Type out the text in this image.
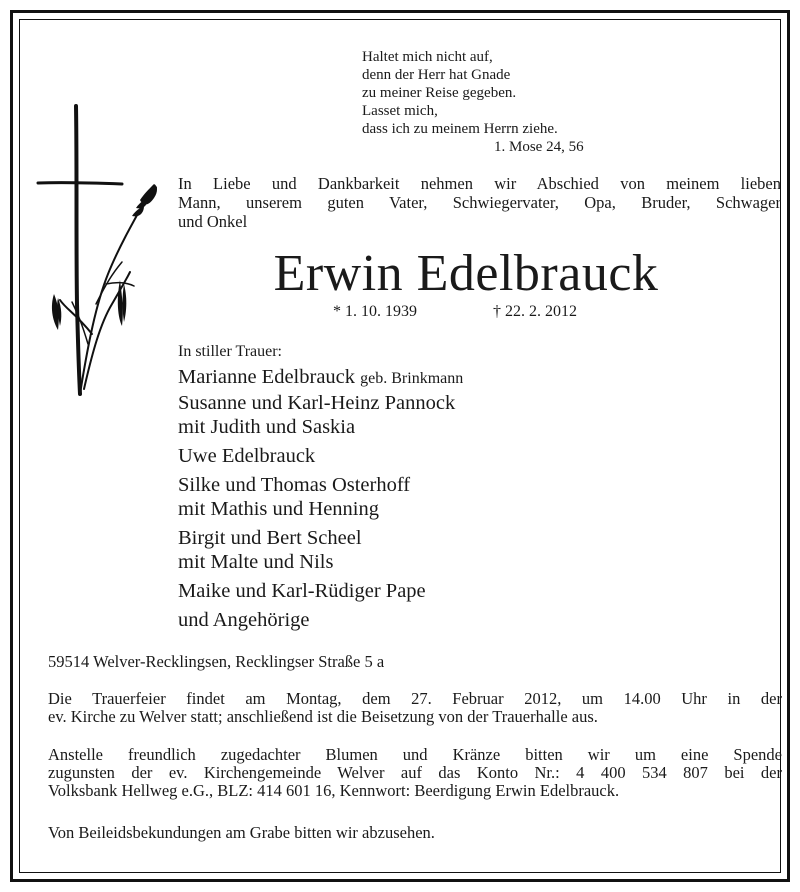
Haltet mich nicht auf,
denn der Herr hat Gnade
zu meiner Reise gegeben.
Lasset mich,
dass ich zu meinem Herrn ziehe.
1. Mose 24, 56
In Liebe und Dankbarkeit nehmen wir Abschied von meinem lieben
Mann, unserem guten Vater, Schwiegervater, Opa, Bruder, Schwager
und Onkel
Erwin Edelbrauck
* 1. 10. 1939	† 22. 2. 2012
In stiller Trauer:
Marianne Edelbrauck geb. Brinkmann
Susanne und Karl-Heinz Pannock
mit Judith und Saskia
Uwe Edelbrauck
Silke und Thomas Osterhoff
mit Mathis und Henning
Birgit und Bert Scheel
mit Malte und Nils
Maike und Karl-Rüdiger Pape
und Angehörige
59514 Welver-Recklingsen, Recklingser Straße 5 a
Die Trauerfeier findet am Montag, dem 27. Februar 2012, um 14.00 Uhr in der
ev. Kirche zu Welver statt; anschließend ist die Beisetzung von der Trauerhalle aus.
Anstelle freundlich zugedachter Blumen und Kränze bitten wir um eine Spende
zugunsten der ev. Kirchengemeinde Welver auf das Konto Nr.: 4 400 534 807 bei der
Volksbank Hellweg e.G., BLZ: 414 601 16, Kennwort: Beerdigung Erwin Edelbrauck.
Von Beileidsbekundungen am Grabe bitten wir abzusehen.
